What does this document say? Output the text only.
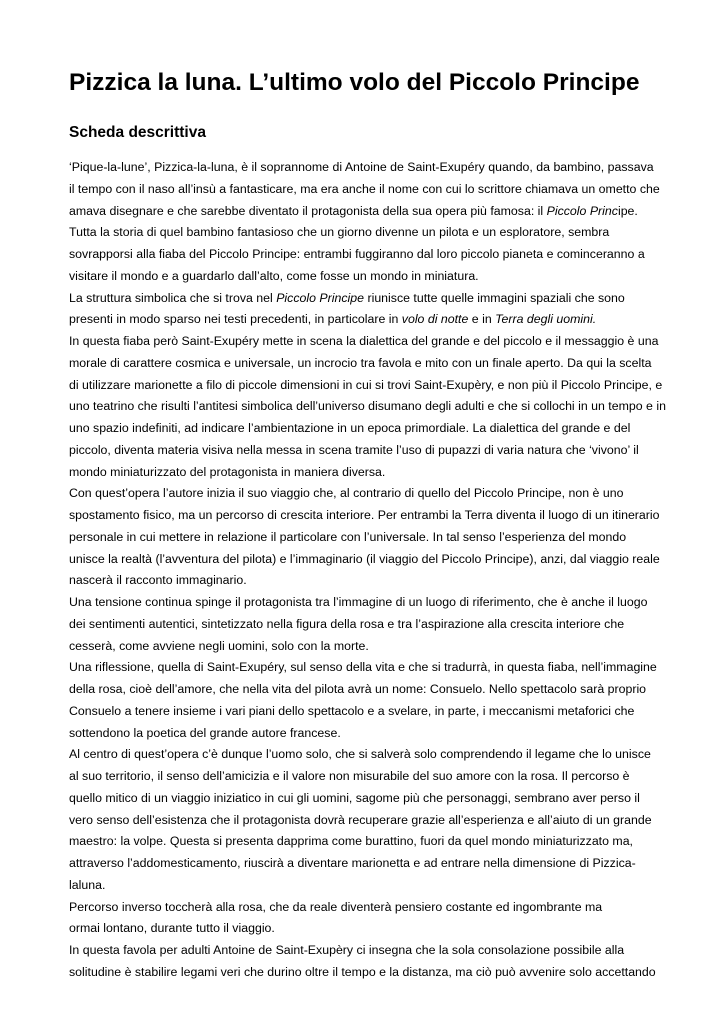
Pizzica la luna. L’ultimo volo del Piccolo Principe
Scheda descrittiva
‘Pique-la-lune’, Pizzica-la-luna, è il soprannome di Antoine de Saint-Exupéry quando, da bambino, passava
il tempo con il naso all’insù a fantasticare, ma era anche il nome con cui lo scrittore chiamava un ometto che
amava disegnare e che sarebbe diventato il protagonista della sua opera più famosa: il Piccolo Principe.
Tutta la storia di quel bambino fantasioso che un giorno divenne un pilota e un esploratore, sembra
sovrapporsi alla fiaba del Piccolo Principe: entrambi fuggiranno dal loro piccolo pianeta e cominceranno a
visitare il mondo e a guardarlo dall’alto, come fosse un mondo in miniatura.
La struttura simbolica che si trova nel Piccolo Principe riunisce tutte quelle immagini spaziali che sono
presenti in modo sparso nei testi precedenti, in particolare in volo di notte e in Terra degli uomini.
In questa fiaba però Saint-Exupéry mette in scena la dialettica del grande e del piccolo e il messaggio è una
morale di carattere cosmica e universale, un incrocio tra favola e mito con un finale aperto. Da qui la scelta
di utilizzare marionette a filo di piccole dimensioni in cui si trovi Saint-Exupèry, e non più il Piccolo Principe, e
uno teatrino che risulti l’antitesi simbolica dell’universo disumano degli adulti e che si collochi in un tempo e in
uno spazio indefiniti, ad indicare l’ambientazione in un epoca primordiale. La dialettica del grande e del
piccolo, diventa materia visiva nella messa in scena tramite l’uso di pupazzi di varia natura che ‘vivono’ il
mondo miniaturizzato del protagonista in maniera diversa.
Con quest’opera l’autore inizia il suo viaggio che, al contrario di quello del Piccolo Principe, non è uno
spostamento fisico, ma un percorso di crescita interiore. Per entrambi la Terra diventa il luogo di un itinerario
personale in cui mettere in relazione il particolare con l’universale. In tal senso l’esperienza del mondo
unisce la realtà (l’avventura del pilota) e l’immaginario (il viaggio del Piccolo Principe), anzi, dal viaggio reale
nascerà il racconto immaginario.
Una tensione continua spinge il protagonista tra l’immagine di un luogo di riferimento, che è anche il luogo
dei sentimenti autentici, sintetizzato nella figura della rosa e tra l’aspirazione alla crescita interiore che
cesserà, come avviene negli uomini, solo con la morte.
Una riflessione, quella di Saint-Exupéry, sul senso della vita e che si tradurrà, in questa fiaba, nell’immagine
della rosa, cioè dell’amore, che nella vita del pilota avrà un nome: Consuelo. Nello spettacolo sarà proprio
Consuelo a tenere insieme i vari piani dello spettacolo e a svelare, in parte, i meccanismi metaforici che
sottendono la poetica del grande autore francese.
Al centro di quest’opera c’è dunque l’uomo solo, che si salverà solo comprendendo il legame che lo unisce
al suo territorio, il senso dell’amicizia e il valore non misurabile del suo amore con la rosa. Il percorso è
quello mitico di un viaggio iniziatico in cui gli uomini, sagome più che personaggi, sembrano aver perso il
vero senso dell’esistenza che il protagonista dovrà recuperare grazie all’esperienza e all’aiuto di un grande
maestro: la volpe. Questa si presenta dapprima come burattino, fuori da quel mondo miniaturizzato ma,
attraverso l’addomesticamento, riuscirà a diventare marionetta e ad entrare nella dimensione di Pizzica-
laluna.
Percorso inverso toccherà alla rosa, che da reale diventerà pensiero costante ed ingombrante ma
ormai lontano, durante tutto il viaggio.
In questa favola per adulti Antoine de Saint-Exupèry ci insegna che la sola consolazione possibile alla
solitudine è stabilire legami veri che durino oltre il tempo e la distanza, ma ciò può avvenire solo accettando
